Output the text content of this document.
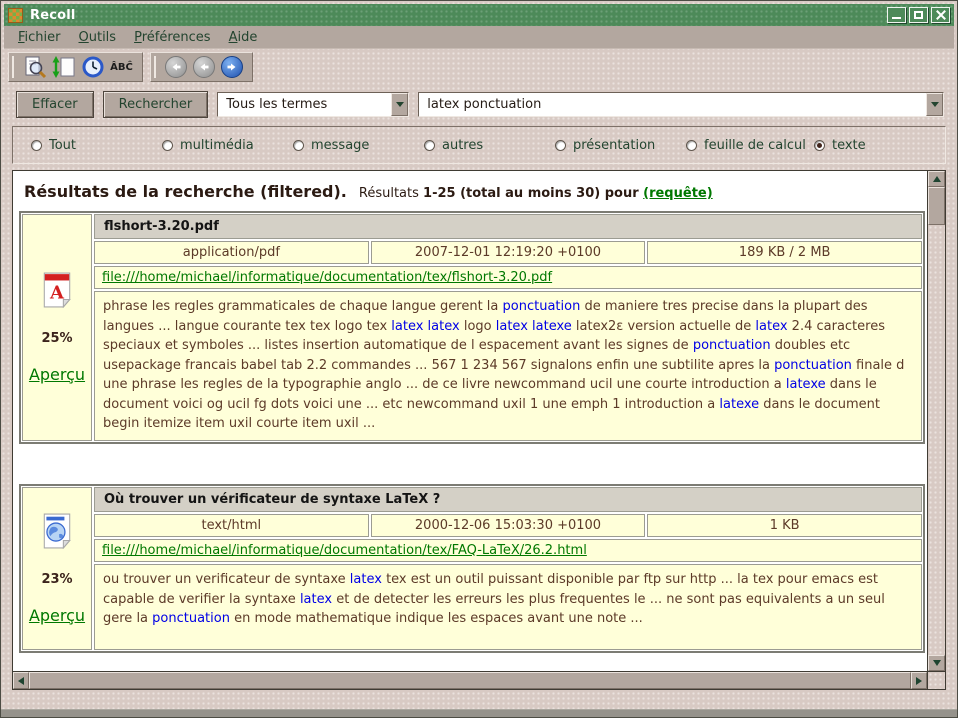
Recoll
Fichier	Outils	Préférences	Aide
ÂBĈ
Effacer	Rechercher	Tous les termes	latex ponctuation
Tout	multimédia	message	autres	présentation	feuille de calcul texte
Résultats de la recherche (filtered). Résultats 1-25 (total au moins 30) pour (requête)
A
25%
Aperçu
flshort-3.20.pdf
application/pdf	2007-12-01 12:19:20 +0100	189 KB / 2 MB
file:///home/michael/informatique/documentation/tex/flshort-3.20.pdf
phrase les regles grammaticales de chaque langue gerent la ponctuation de maniere tres precise dans la plupart des langues ... langue courante tex tex logo tex latex latex logo latex latexe latex2ε version actuelle de latex 2.4 caracteres speciaux et symboles ... listes insertion automatique de l espacement avant les signes de ponctuation doubles etc usepackage francais babel tab 2.2 commandes ... 567 1 234 567 signalons enfin une subtilite apres la ponctuation finale d une phrase les regles de la typographie anglo ... de ce livre newcommand ucil une courte introduction a latexe dans le document voici og ucil fg dots voici une ... etc newcommand uxil 1 une emph 1 introduction a latexe dans le document begin itemize item uxil courte item uxil ...
23%
Aperçu
Où trouver un vérificateur de syntaxe LaTeX ?
text/html	2000-12-06 15:03:30 +0100	1 KB
file:///home/michael/informatique/documentation/tex/FAQ-LaTeX/26.2.html
ou trouver un verificateur de syntaxe latex tex est un outil puissant disponible par ftp sur http ... la tex pour emacs est capable de verifier la syntaxe latex et de detecter les erreurs les plus frequentes le ... ne sont pas equivalents a un seul gere la ponctuation en mode mathematique indique les espaces avant une note ...
